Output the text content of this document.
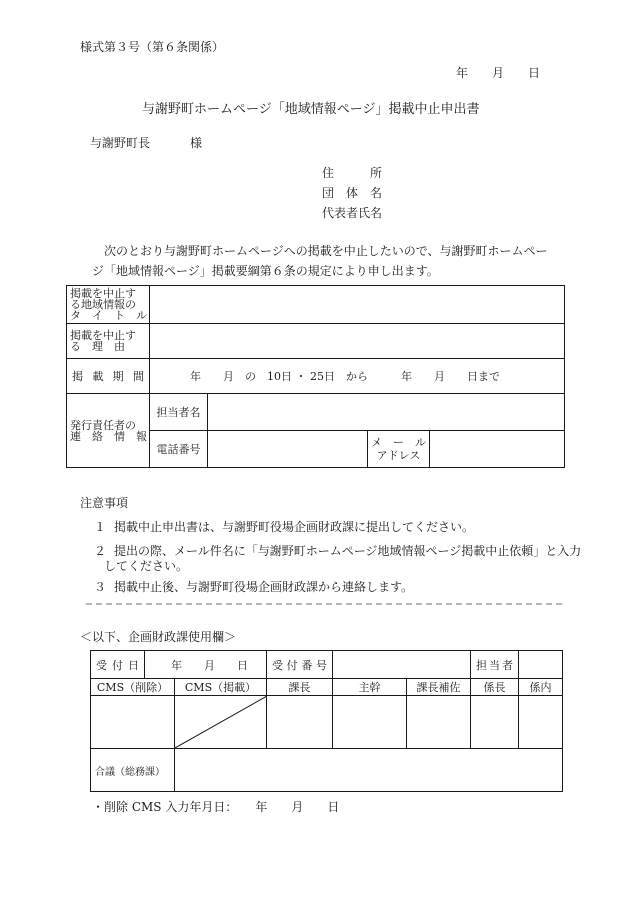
様式第３号（第６条関係）
年 月 日
与謝野町ホームページ「地域情報ページ」掲載中止申出書
与謝野町長	様
住	所
団 体 名
代表者氏名
次のとおり与謝野町ホームページへの掲載を中止したいので、与謝野町ホームペー
ジ「地域情報ページ」掲載要綱第６条の規定により申し出ます。
掲載を中止す
る地域情報の
タ　イ　ト　ル				

掲載を中止す
る　理　由				

掲 載 期 間	年　　月　の　10日 ・ 25日　から　　　年　　月　　日まで			

発行責任者の
連　絡　情　報	担当者名			
	電話番号		メ　ー　ル
アドレス	

注意事項
１ 掲載中止申出書は、与謝野町役場企画財政課に提出してください。
２ 提出の際、メール件名に「与謝野町ホームページ地域情報ページ掲載中止依頼」と入力
してください。
３ 掲載中止後、与謝野町役場企画財政課から連絡します。
＜以下、企画財政課使用欄＞
受 付 日	年　　月　　日		受 付 番 号			担 当 者	

CMS（削除）		CMS（掲載）	課長	主幹	課長補佐	係長	係内

合議（総務課）							
・削除 CMS 入力年月日：　　年　　月　　日
